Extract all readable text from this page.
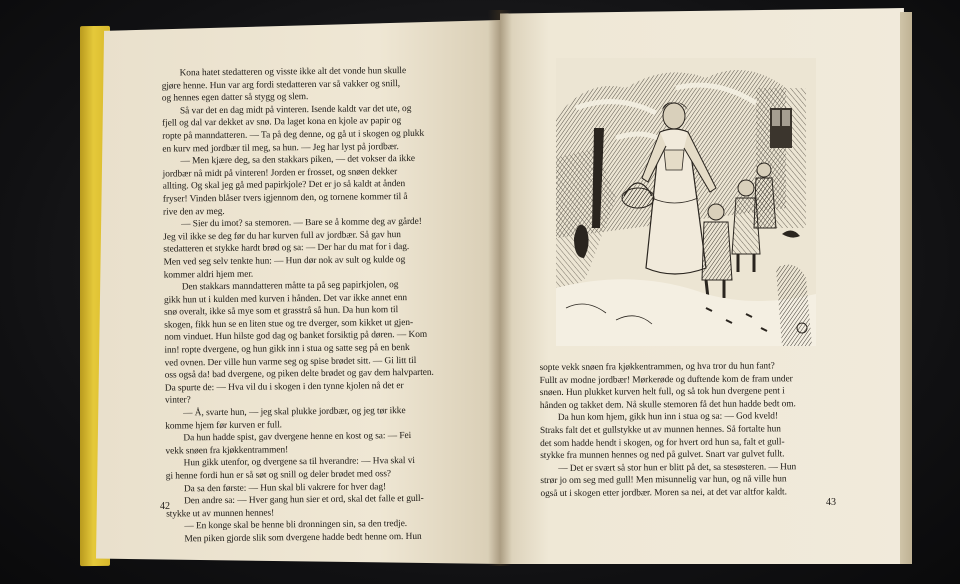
Kona hatet stedatteren og visste ikke alt det vonde hun skulle

gjøre henne. Hun var arg fordi stedatteren var så vakker og snill,

og hennes egen datter så stygg og slem.

Så var det en dag midt på vinteren. Isende kaldt var det ute, og

fjell og dal var dekket av snø. Da laget kona en kjole av papir og

ropte på manndatteren. — Ta på deg denne, og gå ut i skogen og plukk

en kurv med jordbær til meg, sa hun. — Jeg har lyst på jordbær.

— Men kjære deg, sa den stakkars piken, — det vokser da ikke

jordbær nå midt på vinteren! Jorden er frosset, og snøen dekker

allting. Og skal jeg gå med papirkjole? Det er jo så kaldt at ånden

fryser! Vinden blåser tvers igjennom den, og tornene kommer til å

rive den av meg.

— Sier du imot? sa stemoren. — Bare se å komme deg av gårde!

Jeg vil ikke se deg før du har kurven full av jordbær. Så gav hun

stedatteren et stykke hardt brød og sa: — Der har du mat for i dag.

Men ved seg selv tenkte hun: — Hun dør nok av sult og kulde og

kommer aldri hjem mer.

Den stakkars manndatteren måtte ta på seg papirkjolen, og

gikk hun ut i kulden med kurven i hånden. Det var ikke annet enn

snø overalt, ikke så mye som et grasstrå så hun. Da hun kom til

skogen, fikk hun se en liten stue og tre dverger, som kikket ut gjen-

nom vinduet. Hun hilste god dag og banket forsiktig på døren. — Kom

inn! ropte dvergene, og hun gikk inn i stua og satte seg på en benk

ved ovnen. Der ville hun varme seg og spise brødet sitt. — Gi litt til

oss også da! bad dvergene, og piken delte brødet og gav dem halvparten.

Da spurte de: — Hva vil du i skogen i den tynne kjolen nå det er

vinter?

— Å, svarte hun, — jeg skal plukke jordbær, og jeg tør ikke

komme hjem før kurven er full.

Da hun hadde spist, gav dvergene henne en kost og sa: — Fei

vekk snøen fra kjøkkentrammen!

Hun gikk utenfor, og dvergene sa til hverandre: — Hva skal vi

gi henne fordi hun er så søt og snill og deler brødet med oss?

Da sa den første: — Hun skal bli vakrere for hver dag!

Den andre sa: — Hver gang hun sier et ord, skal det falle et gull-

stykke ut av munnen hennes!

— En konge skal be henne bli dronningen sin, sa den tredje.

Men piken gjorde slik som dvergene hadde bedt henne om. Hun

42

sopte vekk snøen fra kjøkkentrammen, og hva tror du hun fant?

Fullt av modne jordbær! Mørkerøde og duftende kom de fram under

snøen. Hun plukket kurven helt full, og så tok hun dvergene pent i

hånden og takket dem. Nå skulle stemoren få det hun hadde bedt om.

Da hun kom hjem, gikk hun inn i stua og sa: — God kveld!

Straks falt det et gullstykke ut av munnen hennes. Så fortalte hun

det som hadde hendt i skogen, og for hvert ord hun sa, falt et gull-

stykke fra munnen hennes og ned på gulvet. Snart var gulvet fullt.

— Det er svært så stor hun er blitt på det, sa stesøsteren. — Hun

strør jo om seg med gull! Men misunnelig var hun, og nå ville hun

også ut i skogen etter jordbær. Moren sa nei, at det var altfor kaldt.

43
